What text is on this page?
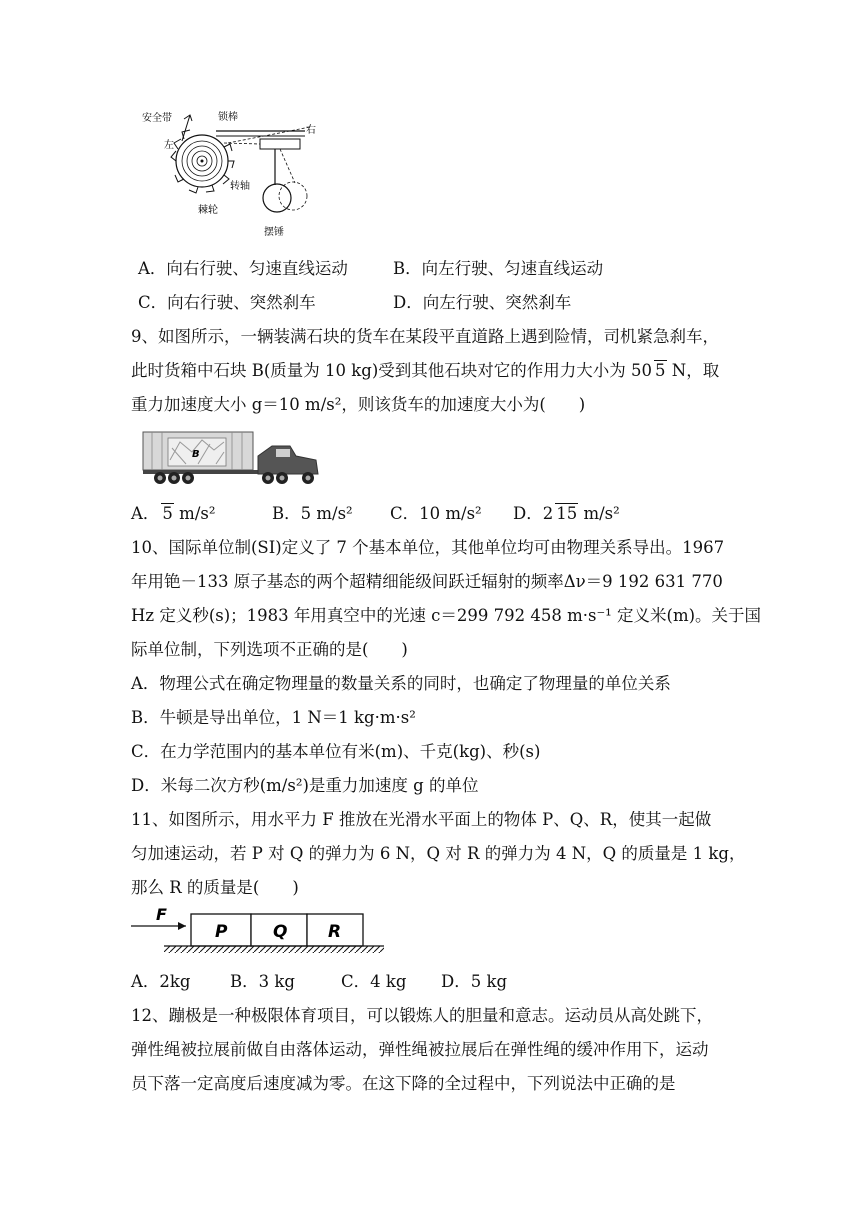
安全带
左
锁棒
右
转轴
棘轮
摆锤
A．向右行驶、匀速直线运动	B．向左行驶、匀速直线运动
C．向右行驶、突然刹车	D．向左行驶、突然刹车
9、如图所示，一辆装满石块的货车在某段平直道路上遇到险情，司机紧急刹车，
此时货箱中石块 B(质量为 10 kg)受到其他石块对它的作用力大小为 50 5 N，取
重力加速度大小 g＝10 m/s²，则该货车的加速度大小为(　　)
B
A． 5 m/s²	B．5 m/s² C．10 m/s² D．2 15 m/s²
10、国际单位制(SI)定义了 7 个基本单位，其他单位均可由物理关系导出。1967
年用铯－133 原子基态的两个超精细能级间跃迁辐射的频率Δν＝9 192 631 770
Hz 定义秒(s)；1983 年用真空中的光速 c＝299 792 458 m·s⁻¹ 定义米(m)。关于国
际单位制，下列选项不正确的是(　　)
A．物理公式在确定物理量的数量关系的同时，也确定了物理量的单位关系
B．牛顿是导出单位，1 N＝1 kg·m·s²
C．在力学范围内的基本单位有米(m)、千克(kg)、秒(s)
D．米每二次方秒(m/s²)是重力加速度 g 的单位
11、如图所示，用水平力 F 推放在光滑水平面上的物体 P、Q、R，使其一起做
匀加速运动，若 P 对 Q 的弹力为 6 N，Q 对 R 的弹力为 4 N，Q 的质量是 1 kg，
那么 R 的质量是(　　)
F
P	Q R
A．2kg B．3 kg	C．4 kg D．5 kg
12、蹦极是一种极限体育项目，可以锻炼人的胆量和意志。运动员从高处跳下，
弹性绳被拉展前做自由落体运动，弹性绳被拉展后在弹性绳的缓冲作用下，运动
员下落一定高度后速度减为零。在这下降的全过程中，下列说法中正确的是
